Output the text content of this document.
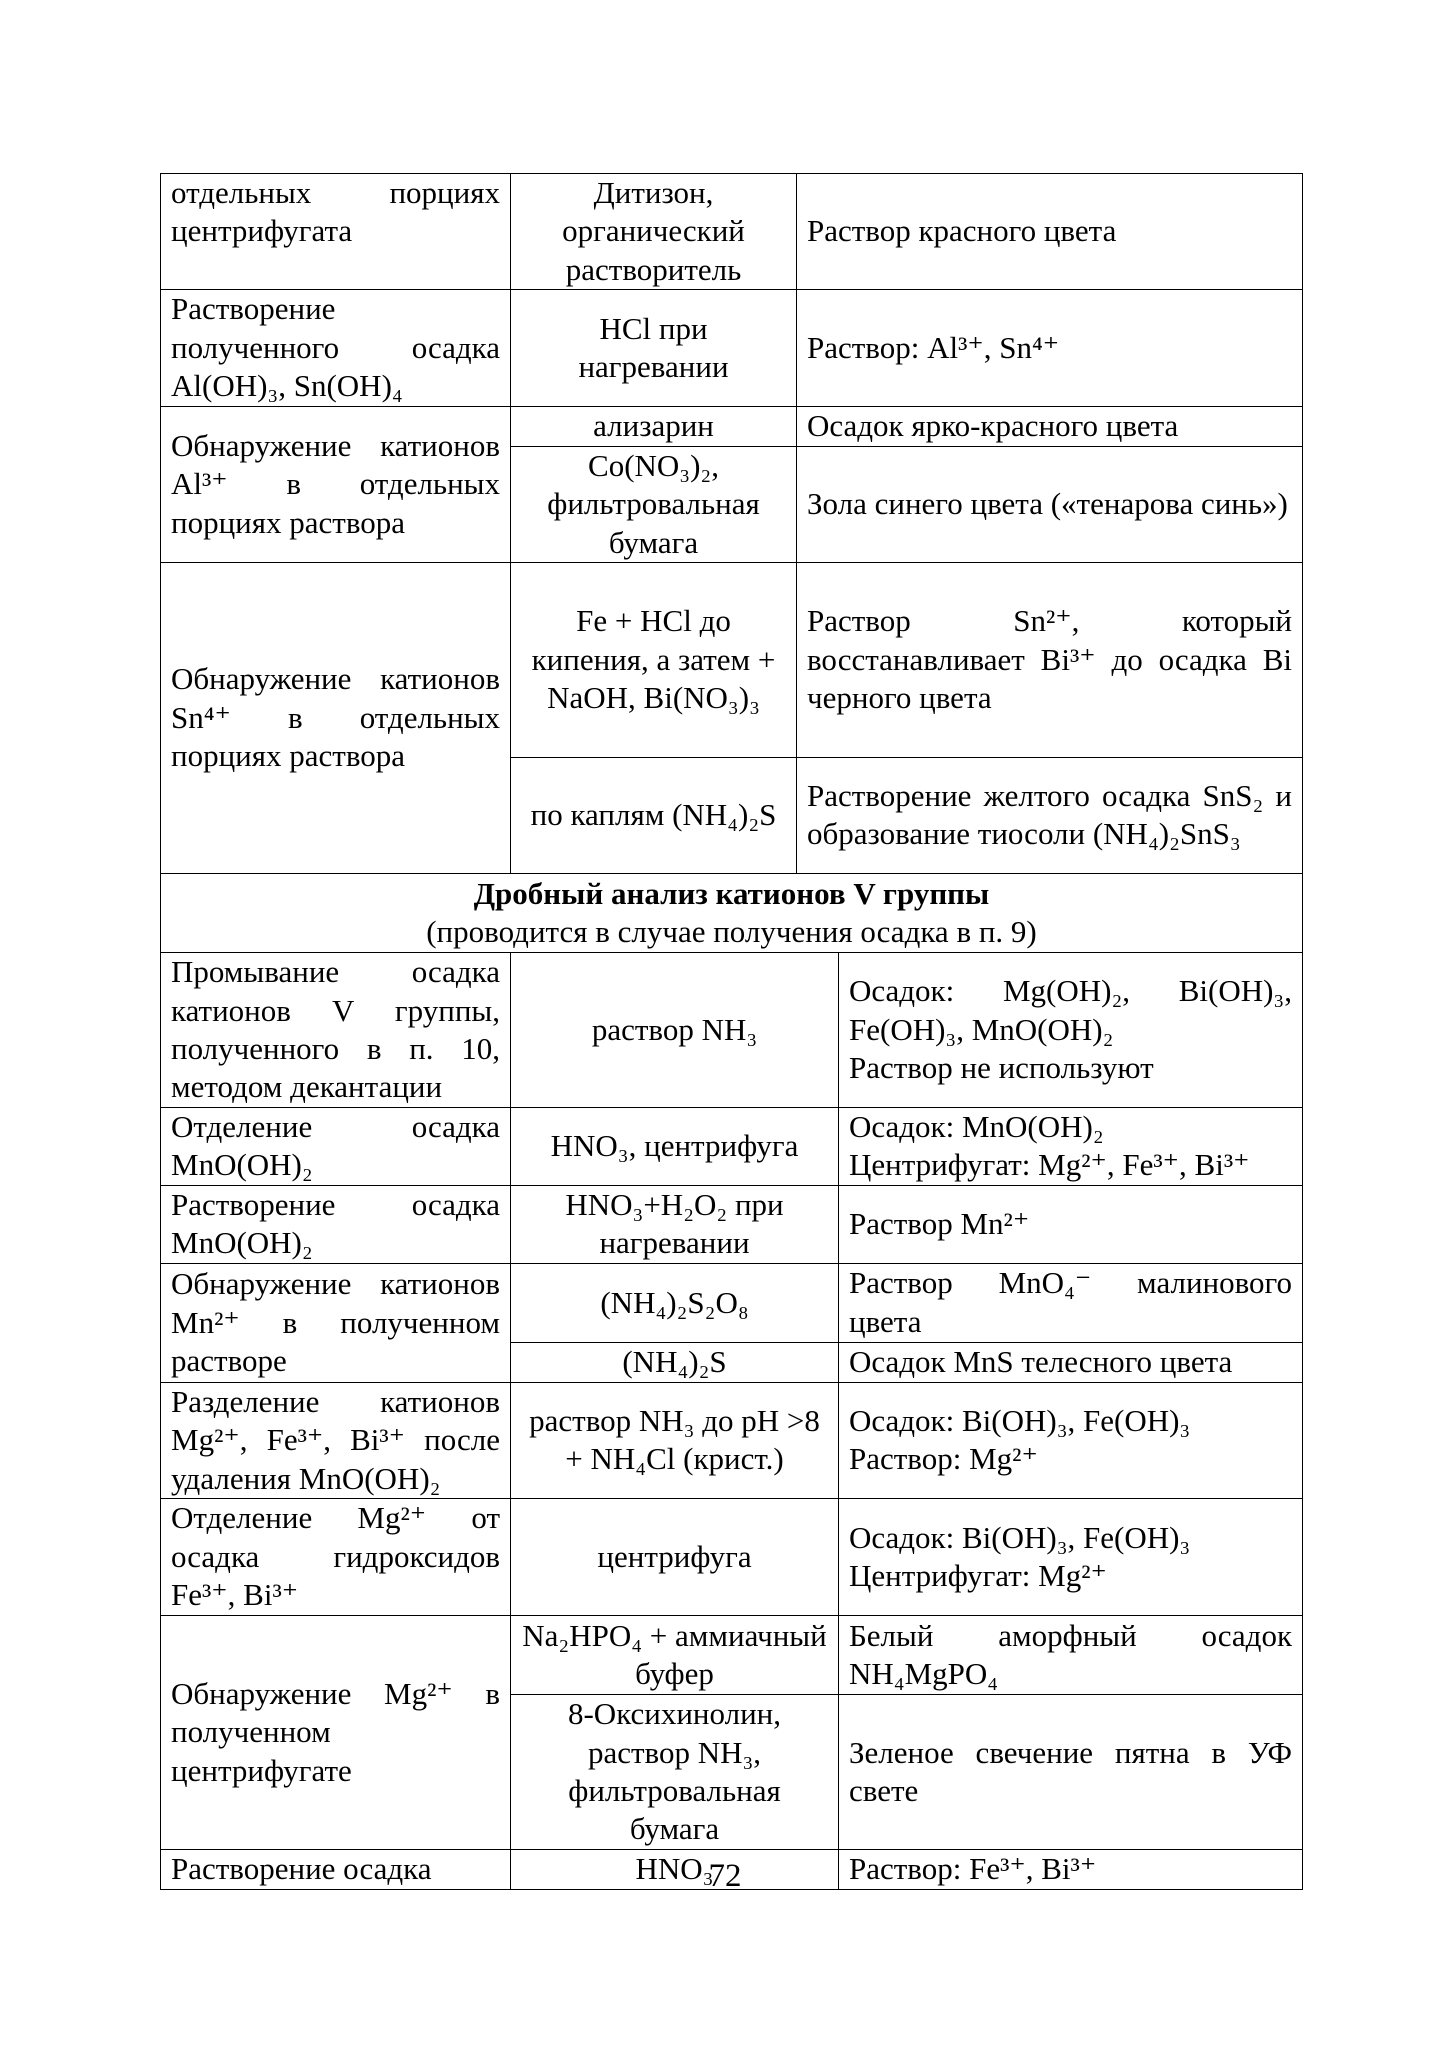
отдельных порциях центрифугата	Дитизон, органический растворитель	Раствор красного цвета	
Растворение полученного осадка Al(OH)₃, Sn(OH)₄	HCl при нагревании	Раствор: Al³⁺, Sn⁴⁺	
Обнаружение катионов Al³⁺ в отдельных порциях раствора	ализарин	Осадок ярко-красного цвета	
	Co(NO₃)₂, фильтровальная бумага	Зола синего цвета («тенарова синь»)	
Обнаружение катионов Sn⁴⁺ в отдельных порциях раствора	Fe + HCl до кипения, а затем + NaOH, Bi(NO₃)₃	Раствор Sn²⁺, который восстанавливает Bi³⁺ до осадка Bi черного цвета	
	по каплям (NH₄)₂S	Растворение желтого осадка SnS₂ и образование тиосоли (NH₄)₂SnS₃	

Дробный анализ катионов V группы
(проводится в случае получения осадка в п. 9)			

Промывание осадка катионов V группы, полученного в п. 10, методом декантации	раствор NH₃		Осадок: Mg(OH)₂, Bi(OH)₃, Fe(OH)₃, MnO(OH)₂
Раствор не используют

Отделение осадка MnO(OH)₂	HNO₃, центрифуга		Осадок: MnO(OH)₂
Центрифугат: Mg²⁺, Fe³⁺, Bi³⁺

Растворение осадка MnO(OH)₂	HNO₃+H₂O₂ при нагревании		Раствор Mn²⁺
Обнаружение катионов Mn²⁺ в полученном растворе	(NH₄)₂S₂O₈		Раствор MnO₄⁻ малинового цвета
	(NH₄)₂S		Осадок MnS телесного цвета
Разделение катионов Mg²⁺, Fe³⁺, Bi³⁺ после удаления MnO(OH)₂	раствор NH₃ до pH >8 + NH₄Cl (крист.)		Осадок: Bi(OH)₃, Fe(OH)₃
Раствор: Mg²⁺

Отделение Mg²⁺ от осадка гидроксидов Fe³⁺, Bi³⁺	центрифуга		Осадок: Bi(OH)₃, Fe(OH)₃
Центрифугат: Mg²⁺

Обнаружение Mg²⁺ в полученном центрифугате	Na₂HPO₄ + аммиачный буфер		Белый аморфный осадок NH₄MgPO₄
	8-Оксихинолин, раствор NH₃, фильтровальная бумага		Зеленое свечение пятна в УФ свете
Растворение осадка	HNO₃		Раствор: Fe³⁺, Bi³⁺
72
